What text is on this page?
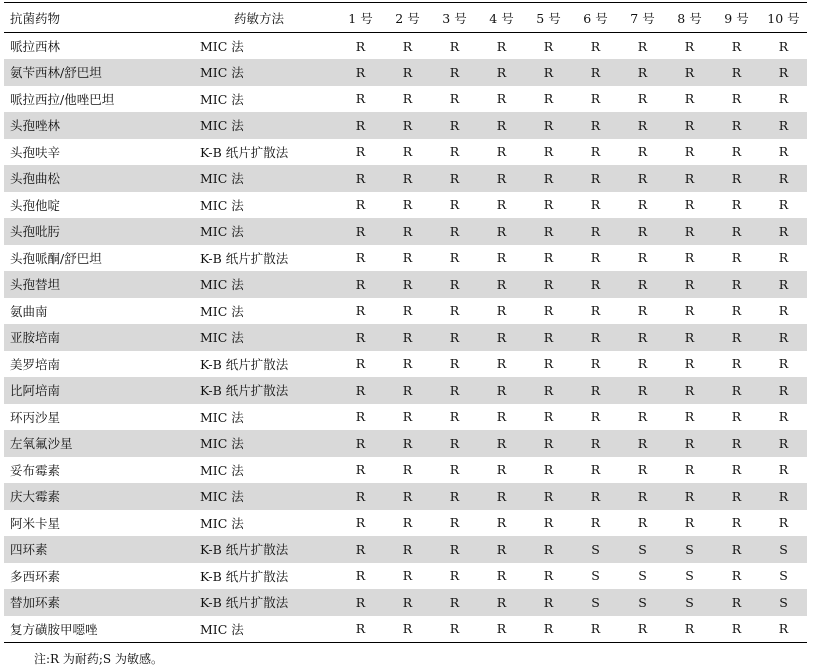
抗菌药物	药敏方法	1 号	2 号	3 号	4 号	5 号	6 号	7 号	8 号	9 号	10 号
哌拉西林	MIC 法	R	R	R	R	R	R	R	R	R	R
氨苄西林/舒巴坦	MIC 法	R	R	R	R	R	R	R	R	R	R
哌拉西拉/他唑巴坦	MIC 法	R	R	R	R	R	R	R	R	R	R
头孢唑林	MIC 法	R	R	R	R	R	R	R	R	R	R
头孢呋辛	K-B 纸片扩散法	R	R	R	R	R	R	R	R	R	R
头孢曲松	MIC 法	R	R	R	R	R	R	R	R	R	R
头孢他啶	MIC 法	R	R	R	R	R	R	R	R	R	R
头孢吡肟	MIC 法	R	R	R	R	R	R	R	R	R	R
头孢哌酮/舒巴坦	K-B 纸片扩散法	R	R	R	R	R	R	R	R	R	R
头孢替坦	MIC 法	R	R	R	R	R	R	R	R	R	R
氨曲南	MIC 法	R	R	R	R	R	R	R	R	R	R
亚胺培南	MIC 法	R	R	R	R	R	R	R	R	R	R
美罗培南	K-B 纸片扩散法	R	R	R	R	R	R	R	R	R	R
比阿培南	K-B 纸片扩散法	R	R	R	R	R	R	R	R	R	R
环丙沙星	MIC 法	R	R	R	R	R	R	R	R	R	R
左氧氟沙星	MIC 法	R	R	R	R	R	R	R	R	R	R
妥布霉素	MIC 法	R	R	R	R	R	R	R	R	R	R
庆大霉素	MIC 法	R	R	R	R	R	R	R	R	R	R
阿米卡星	MIC 法	R	R	R	R	R	R	R	R	R	R
四环素	K-B 纸片扩散法	R	R	R	R	R	S	S	S	R	S
多西环素	K-B 纸片扩散法	R	R	R	R	R	S	S	S	R	S
替加环素	K-B 纸片扩散法	R	R	R	R	R	S	S	S	R	S
复方磺胺甲噁唑	MIC 法	R	R	R	R	R	R	R	R	R	R
注:R 为耐药;S 为敏感。
